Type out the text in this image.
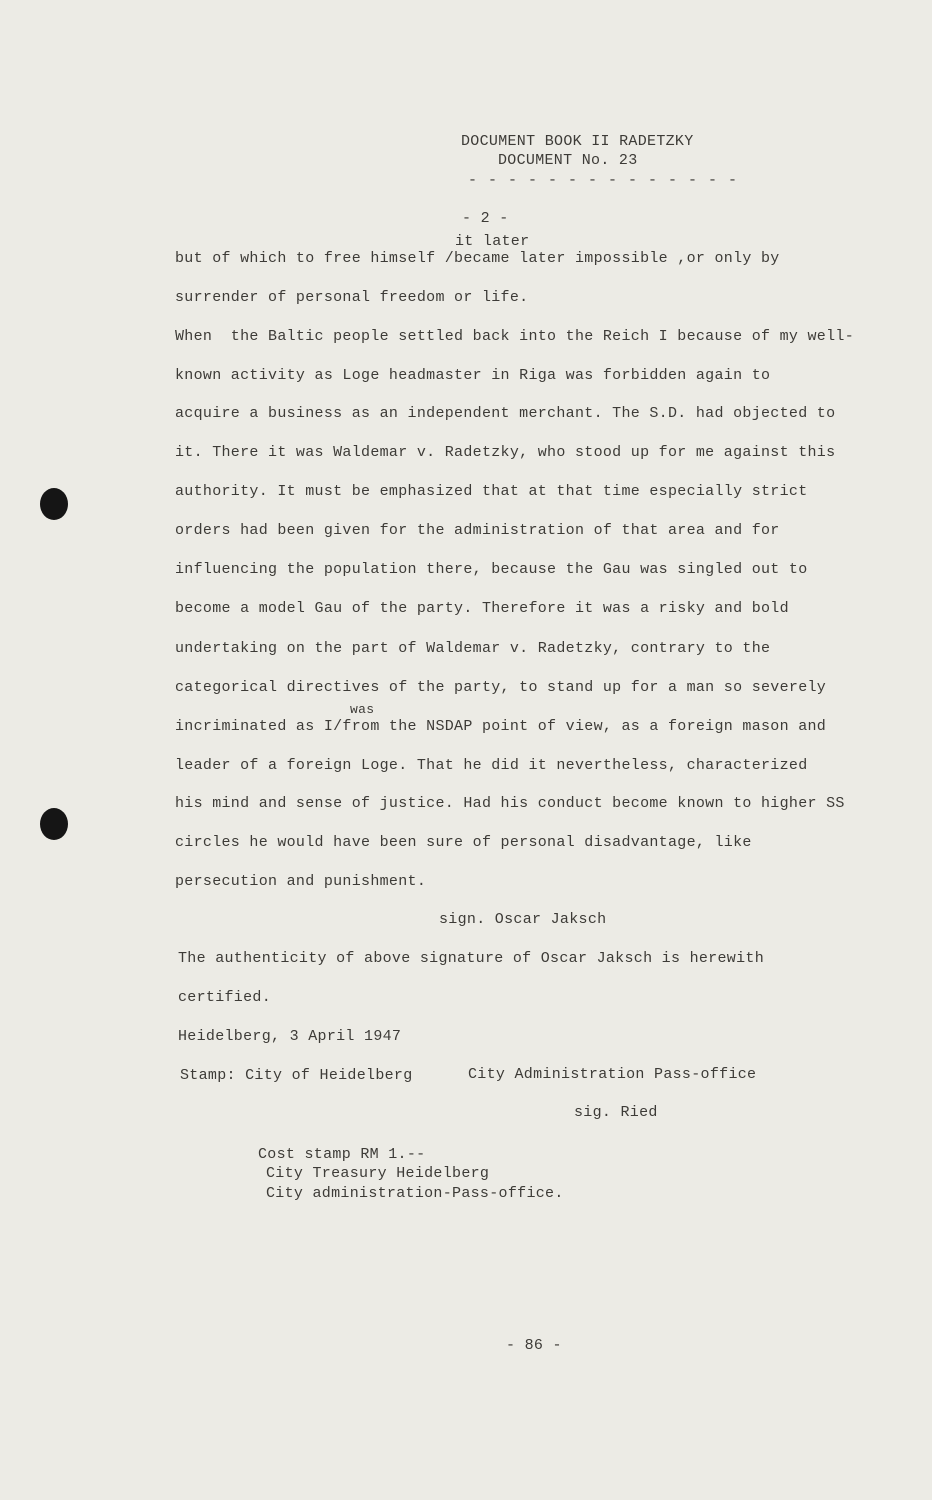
DOCUMENT BOOK II RADETZKY
DOCUMENT No. 23
- - - - - - - - - - - - - -
- 2 -
it later
was
but of which to free himself /became later impossible ,or only by
surrender of personal freedom or life.
When  the Baltic people settled back into the Reich I because of my well-
known activity as Loge headmaster in Riga was forbidden again to
acquire a business as an independent merchant. The S.D. had objected to
it. There it was Waldemar v. Radetzky, who stood up for me against this
authority. It must be emphasized that at that time especially strict
orders had been given for the administration of that area and for
influencing the population there, because the Gau was singled out to
become a model Gau of the party. Therefore it was a risky and bold
undertaking on the part of Waldemar v. Radetzky, contrary to the
categorical directives of the party, to stand up for a man so severely
incriminated as I/from the NSDAP point of view, as a foreign mason and
leader of a foreign Loge. That he did it nevertheless, characterized
his mind and sense of justice. Had his conduct become known to higher SS
circles he would have been sure of personal disadvantage, like
persecution and punishment.
sign. Oscar Jaksch
The authenticity of above signature of Oscar Jaksch is herewith
certified.
Heidelberg, 3 April 1947
Stamp: City of Heidelberg	City Administration Pass-office
sig. Ried
Cost stamp RM 1.--
City Treasury Heidelberg
City administration-Pass-office.
- 86 -
